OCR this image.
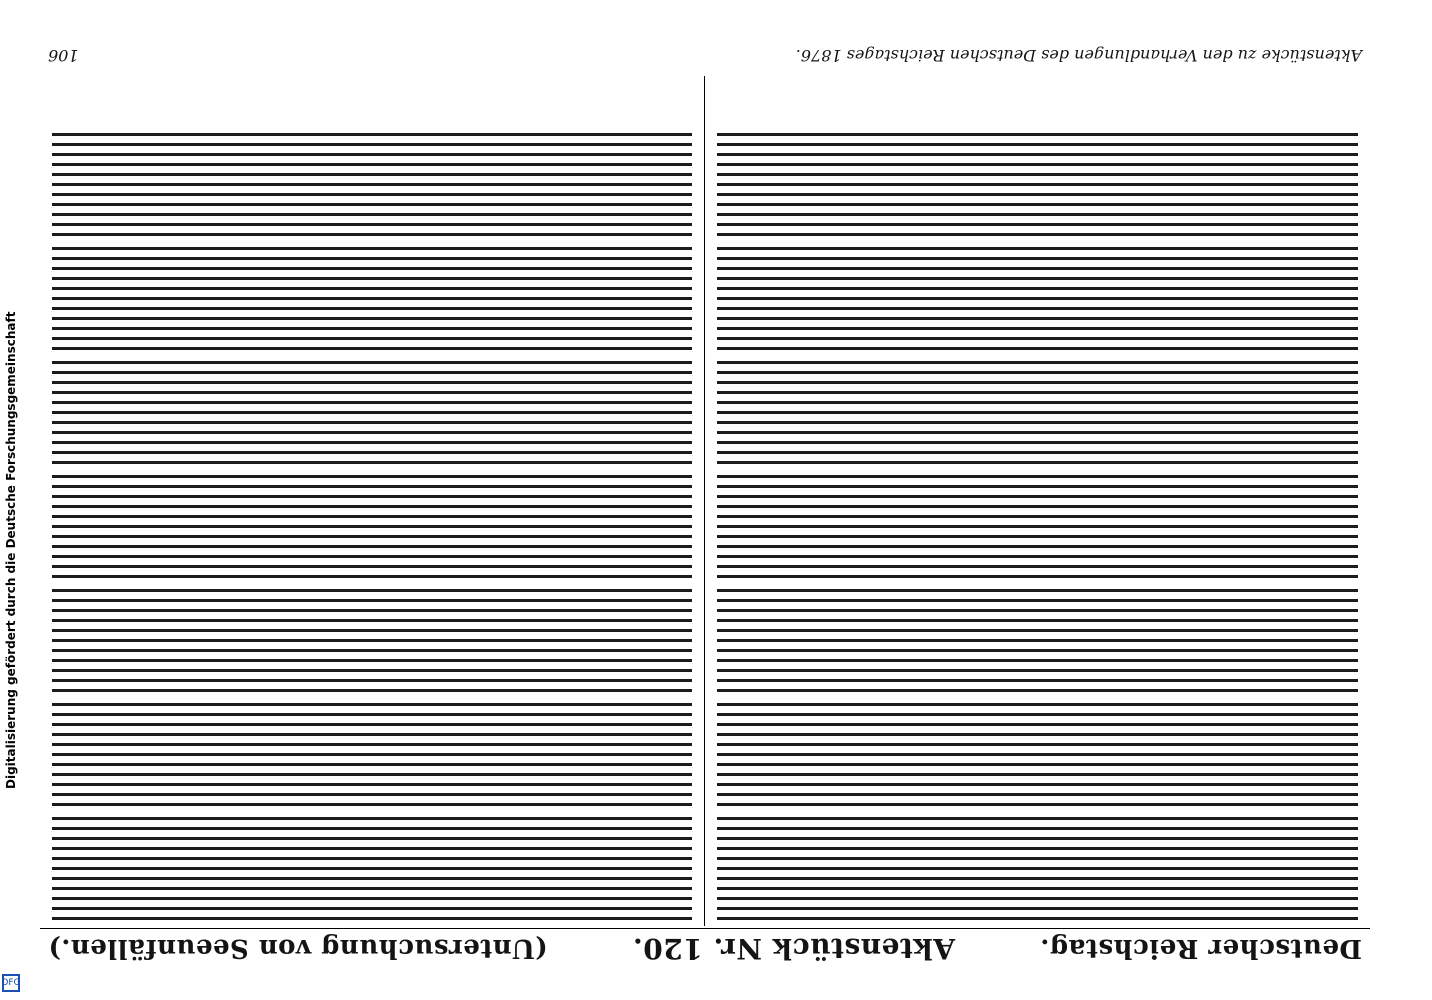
Digitalisierung gefördert durch die Deutsche Forschungsgemeinschaft
DFG
Deutscher Reichstag.
Aktenstück Nr. 120.
(Untersuchung von Seeunfällen.)
Aktenstücke zu den Verhandlungen des Deutschen Reichstages 1876.
106
